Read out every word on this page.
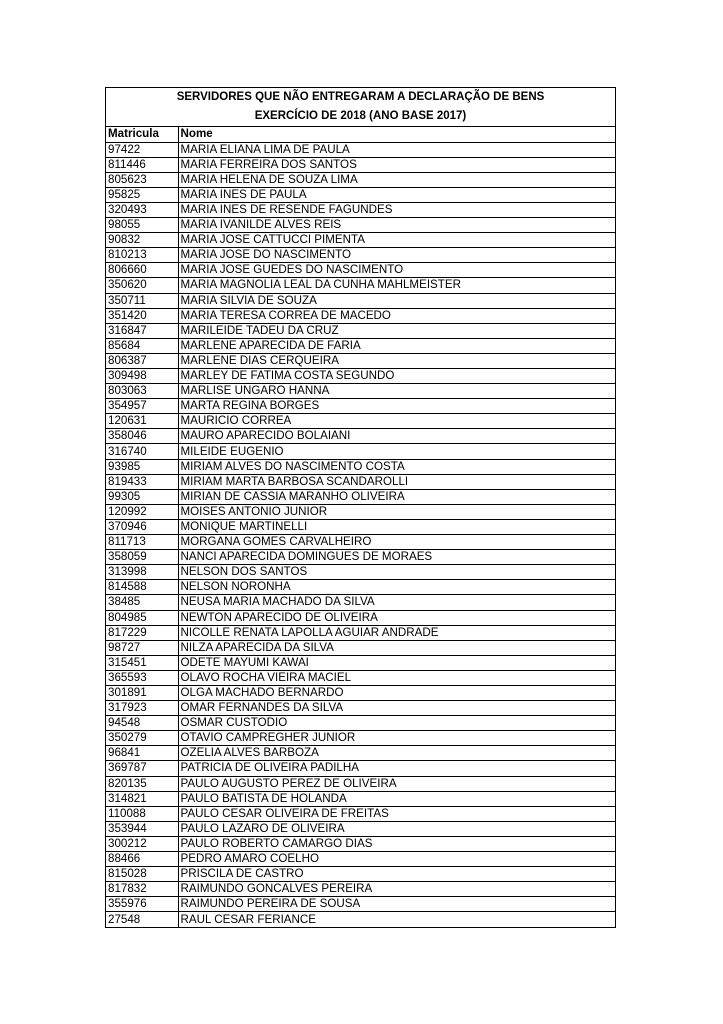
SERVIDORES QUE NÃO ENTREGARAM A DECLARAÇÃO DE BENS
EXERCÍCIO DE 2018 (ANO BASE 2017)
Matricula	Nome
97422	MARIA ELIANA LIMA DE PAULA
811446	MARIA FERREIRA DOS SANTOS
805623	MARIA HELENA DE SOUZA LIMA
95825	MARIA INES DE PAULA
320493	MARIA INES DE RESENDE FAGUNDES
98055	MARIA IVANILDE ALVES REIS
90832	MARIA JOSE CATTUCCI PIMENTA
810213	MARIA JOSE DO NASCIMENTO
806660	MARIA JOSE GUEDES DO NASCIMENTO
350620	MARIA MAGNOLIA LEAL DA CUNHA MAHLMEISTER
350711	MARIA SILVIA DE SOUZA
351420	MARIA TERESA CORREA DE MACEDO
316847	MARILEIDE TADEU DA CRUZ
85684	MARLENE APARECIDA DE FARIA
806387	MARLENE DIAS CERQUEIRA
309498	MARLEY DE FATIMA COSTA SEGUNDO
803063	MARLISE UNGARO HANNA
354957	MARTA REGINA BORGES
120631	MAURICIO CORREA
358046	MAURO APARECIDO BOLAIANI
316740	MILEIDE EUGENIO
93985	MIRIAM ALVES DO NASCIMENTO COSTA
819433	MIRIAM MARTA BARBOSA SCANDAROLLI
99305	MIRIAN DE CASSIA MARANHO OLIVEIRA
120992	MOISES ANTONIO JUNIOR
370946	MONIQUE MARTINELLI
811713	MORGANA GOMES CARVALHEIRO
358059	NANCI APARECIDA DOMINGUES DE MORAES
313998	NELSON DOS SANTOS
814588	NELSON NORONHA
38485	NEUSA MARIA MACHADO DA SILVA
804985	NEWTON APARECIDO DE OLIVEIRA
817229	NICOLLE RENATA LAPOLLA AGUIAR ANDRADE
98727	NILZA APARECIDA DA SILVA
315451	ODETE MAYUMI KAWAI
365593	OLAVO ROCHA VIEIRA MACIEL
301891	OLGA MACHADO BERNARDO
317923	OMAR FERNANDES DA SILVA
94548	OSMAR CUSTODIO
350279	OTAVIO CAMPREGHER JUNIOR
96841	OZELIA ALVES BARBOZA
369787	PATRICIA DE OLIVEIRA PADILHA
820135	PAULO AUGUSTO PEREZ DE OLIVEIRA
314821	PAULO BATISTA DE HOLANDA
110088	PAULO CESAR OLIVEIRA DE FREITAS
353944	PAULO LAZARO DE OLIVEIRA
300212	PAULO ROBERTO CAMARGO DIAS
88466	PEDRO AMARO COELHO
815028	PRISCILA DE CASTRO
817832	RAIMUNDO GONCALVES PEREIRA
355976	RAIMUNDO PEREIRA DE SOUSA
27548	RAUL CESAR FERIANCE
